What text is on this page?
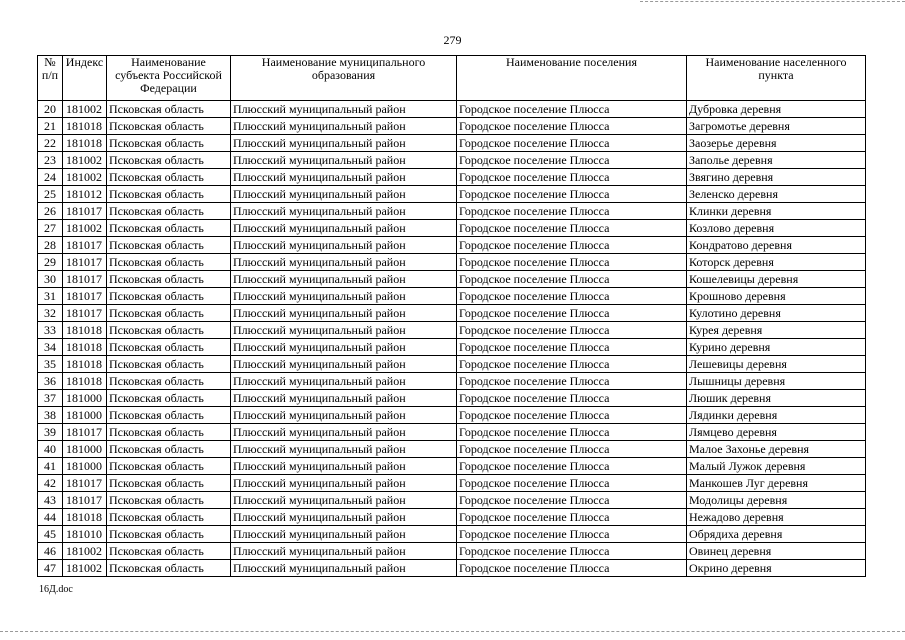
279
№ п/п	Индекс	Наименование субъекта Российской Федерации	Наименование муниципального образования	Наименование поселения	Наименование населенного пункта
20	181002	Псковская область	Плюсский муниципальный район	Городское поселение Плюсса	Дубровка деревня
21	181018	Псковская область	Плюсский муниципальный район	Городское поселение Плюсса	Загромотье деревня
22	181018	Псковская область	Плюсский муниципальный район	Городское поселение Плюсса	Заозерье деревня
23	181002	Псковская область	Плюсский муниципальный район	Городское поселение Плюсса	Заполье деревня
24	181002	Псковская область	Плюсский муниципальный район	Городское поселение Плюсса	Звягино деревня
25	181012	Псковская область	Плюсский муниципальный район	Городское поселение Плюсса	Зеленско деревня
26	181017	Псковская область	Плюсский муниципальный район	Городское поселение Плюсса	Клинки деревня
27	181002	Псковская область	Плюсский муниципальный район	Городское поселение Плюсса	Козлово деревня
28	181017	Псковская область	Плюсский муниципальный район	Городское поселение Плюсса	Кондратово деревня
29	181017	Псковская область	Плюсский муниципальный район	Городское поселение Плюсса	Которск деревня
30	181017	Псковская область	Плюсский муниципальный район	Городское поселение Плюсса	Кошелевицы деревня
31	181017	Псковская область	Плюсский муниципальный район	Городское поселение Плюсса	Крошново деревня
32	181017	Псковская область	Плюсский муниципальный район	Городское поселение Плюсса	Кулотино деревня
33	181018	Псковская область	Плюсский муниципальный район	Городское поселение Плюсса	Курея деревня
34	181018	Псковская область	Плюсский муниципальный район	Городское поселение Плюсса	Курино деревня
35	181018	Псковская область	Плюсский муниципальный район	Городское поселение Плюсса	Лешевицы деревня
36	181018	Псковская область	Плюсский муниципальный район	Городское поселение Плюсса	Лышницы деревня
37	181000	Псковская область	Плюсский муниципальный район	Городское поселение Плюсса	Люшик деревня
38	181000	Псковская область	Плюсский муниципальный район	Городское поселение Плюсса	Лядинки деревня
39	181017	Псковская область	Плюсский муниципальный район	Городское поселение Плюсса	Лямцево деревня
40	181000	Псковская область	Плюсский муниципальный район	Городское поселение Плюсса	Малое Захонье деревня
41	181000	Псковская область	Плюсский муниципальный район	Городское поселение Плюсса	Малый Лужок деревня
42	181017	Псковская область	Плюсский муниципальный район	Городское поселение Плюсса	Манкошев Луг деревня
43	181017	Псковская область	Плюсский муниципальный район	Городское поселение Плюсса	Модолицы деревня
44	181018	Псковская область	Плюсский муниципальный район	Городское поселение Плюсса	Нежадово деревня
45	181010	Псковская область	Плюсский муниципальный район	Городское поселение Плюсса	Обрядиха деревня
46	181002	Псковская область	Плюсский муниципальный район	Городское поселение Плюсса	Овинец деревня
47	181002	Псковская область	Плюсский муниципальный район	Городское поселение Плюсса	Окрино деревня
16Д.doc
